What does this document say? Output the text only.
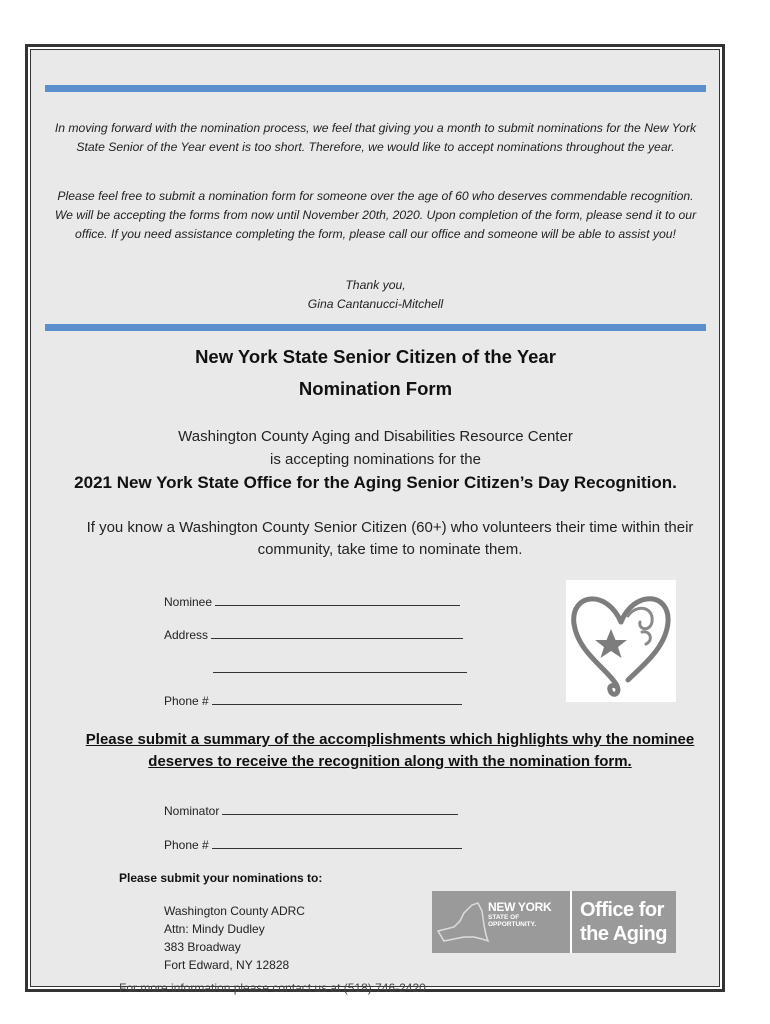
In moving forward with the nomination process, we feel that giving you a month to submit nominations for the New York State Senior of the Year event is too short. Therefore, we would like to accept nominations throughout the year.
Please feel free to submit a nomination form for someone over the age of 60 who deserves commendable recognition. We will be accepting the forms from now until November 20th, 2020. Upon completion of the form, please send it to our office. If you need assistance completing the form, please call our office and someone will be able to assist you!
Thank you,
Gina Cantanucci-Mitchell
New York State Senior Citizen of the Year
Nomination Form
Washington County Aging and Disabilities Resource Center
is accepting nominations for the
2021 New York State Office for the Aging Senior Citizen’s Day Recognition.
If you know a Washington County Senior Citizen (60+) who volunteers their time within their community, take time to nominate them.
Nominee
Address
Phone #
Please submit a summary of the accomplishments which highlights why the nominee deserves to receive the recognition along with the nomination form.
Nominator
Phone #
Please submit your nominations to:
Washington County ADRC
Attn: Mindy Dudley
383 Broadway
Fort Edward, NY 12828
NEW YORK
STATE OF
OPPORTUNITY.
Office for
the Aging
For more information please contact us at (518) 746-2420
